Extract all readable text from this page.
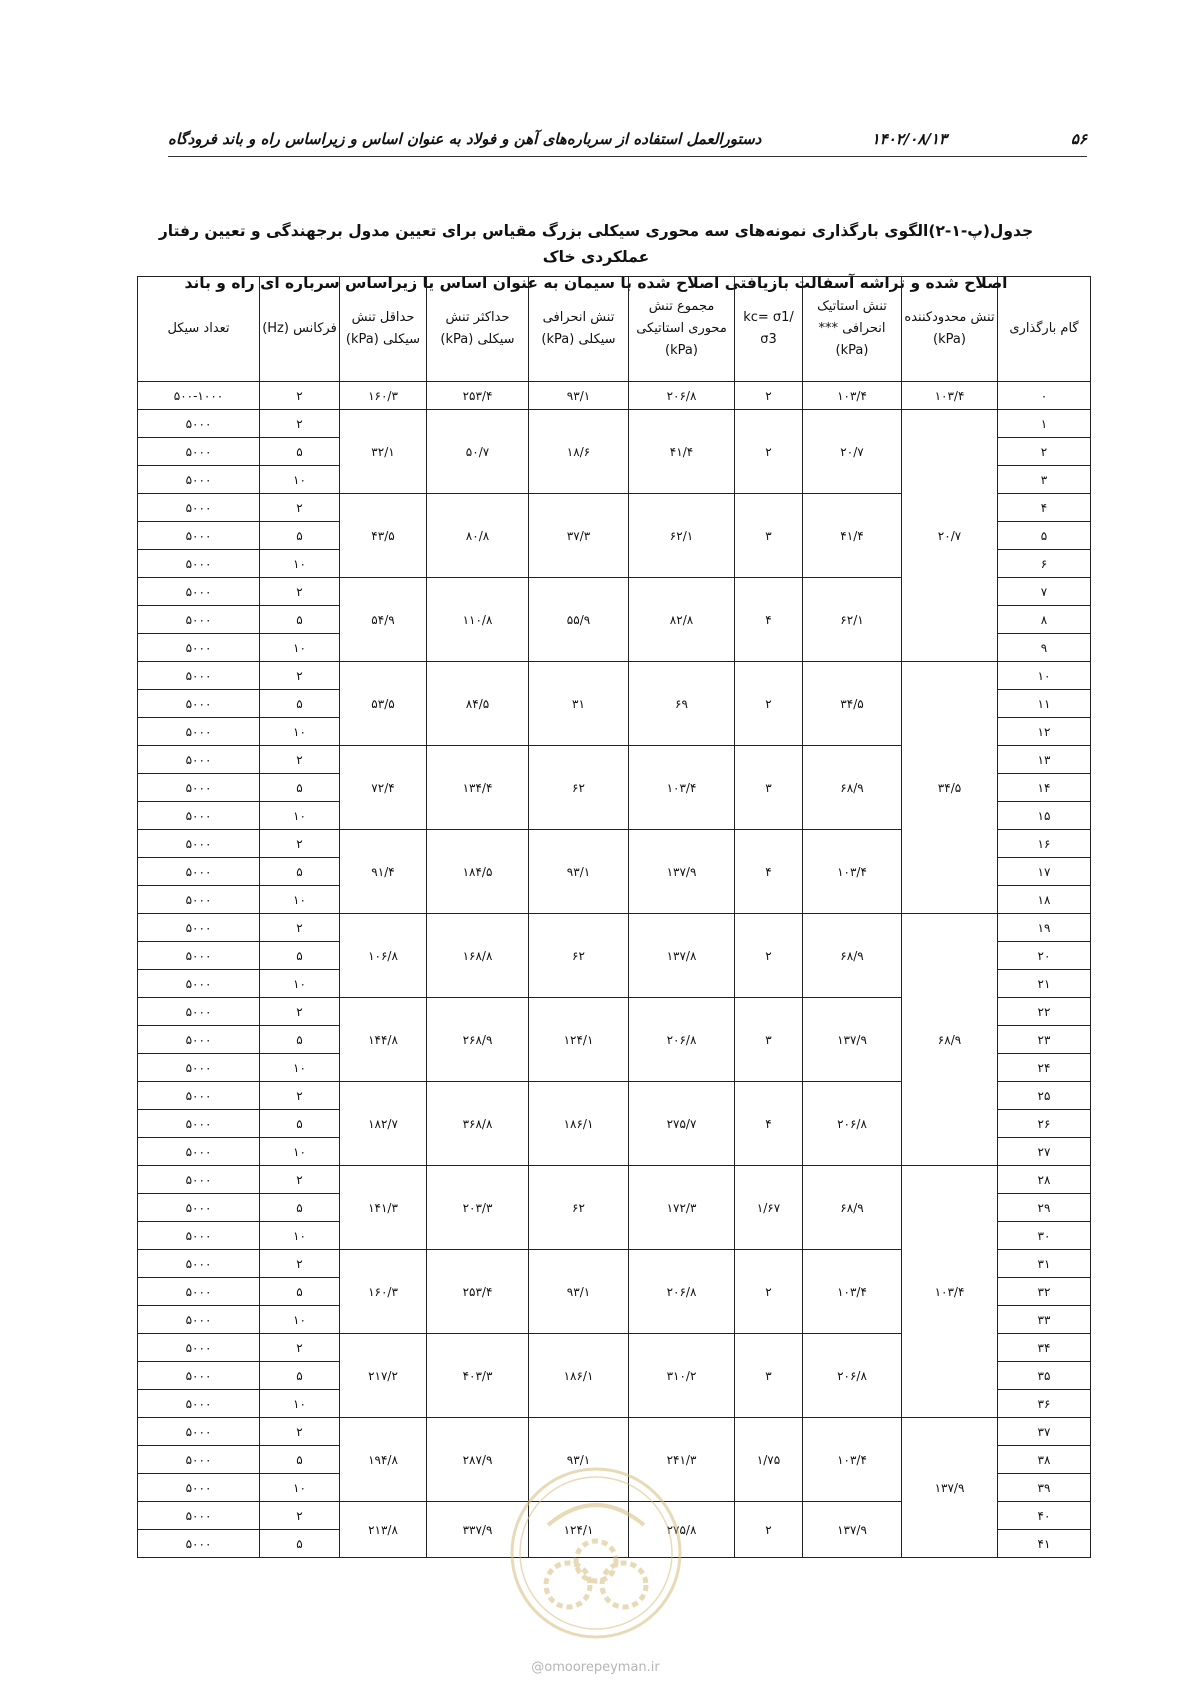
۵۶
۱۴۰۲/۰۸/۱۳
دستورالعمل استفاده از سرباره‌های آهن و فولاد به عنوان اساس و زیراساس راه و باند فرودگاه
جدول(پ-۱-۲)الگوی بارگذاری نمونه‌های سه محوری سیکلی بزرگ مقیاس برای تعیین مدول برجهندگی و تعیین رفتار عملکردی خاک
اصلاح شده و تراشه آسفالت بازیافتی اصلاح شده با سیمان به عنوان اساس یا زیراساس سرباره ای راه و باند
گام بارگذاری	تنش محدودکننده (kPa)	تنش استاتیک انحرافی ***(kPa)	kc= σ1/σ3	مجموع تنش محوری استاتیکی (kPa)	تنش انحرافی سیکلی (kPa)	حداکثر تنش سیکلی (kPa)	حداقل تنش سیکلی (kPa)	فرکانس (Hz)	تعداد سیکل
۰	۱۰۳/۴	۱۰۳/۴	۲	۲۰۶/۸	۹۳/۱	۲۵۳/۴	۱۶۰/۳	۲	۵۰۰-۱۰۰۰
۱	۲۰/۷	۲۰/۷	۲	۴۱/۴	۱۸/۶	۵۰/۷	۳۲/۱	۲	۵۰۰۰
۲								۵	۵۰۰۰
۳								۱۰	۵۰۰۰
۴		۴۱/۴	۳	۶۲/۱	۳۷/۳	۸۰/۸	۴۳/۵	۲	۵۰۰۰
۵								۵	۵۰۰۰
۶								۱۰	۵۰۰۰
۷		۶۲/۱	۴	۸۲/۸	۵۵/۹	۱۱۰/۸	۵۴/۹	۲	۵۰۰۰
۸								۵	۵۰۰۰
۹								۱۰	۵۰۰۰
۱۰	۳۴/۵	۳۴/۵	۲	۶۹	۳۱	۸۴/۵	۵۳/۵	۲	۵۰۰۰
۱۱								۵	۵۰۰۰
۱۲								۱۰	۵۰۰۰
۱۳		۶۸/۹	۳	۱۰۳/۴	۶۲	۱۳۴/۴	۷۲/۴	۲	۵۰۰۰
۱۴								۵	۵۰۰۰
۱۵								۱۰	۵۰۰۰
۱۶		۱۰۳/۴	۴	۱۳۷/۹	۹۳/۱	۱۸۴/۵	۹۱/۴	۲	۵۰۰۰
۱۷								۵	۵۰۰۰
۱۸								۱۰	۵۰۰۰
۱۹	۶۸/۹	۶۸/۹	۲	۱۳۷/۸	۶۲	۱۶۸/۸	۱۰۶/۸	۲	۵۰۰۰
۲۰								۵	۵۰۰۰
۲۱								۱۰	۵۰۰۰
۲۲		۱۳۷/۹	۳	۲۰۶/۸	۱۲۴/۱	۲۶۸/۹	۱۴۴/۸	۲	۵۰۰۰
۲۳								۵	۵۰۰۰
۲۴								۱۰	۵۰۰۰
۲۵		۲۰۶/۸	۴	۲۷۵/۷	۱۸۶/۱	۳۶۸/۸	۱۸۲/۷	۲	۵۰۰۰
۲۶								۵	۵۰۰۰
۲۷								۱۰	۵۰۰۰
۲۸	۱۰۳/۴	۶۸/۹	۱/۶۷	۱۷۲/۳	۶۲	۲۰۳/۳	۱۴۱/۳	۲	۵۰۰۰
۲۹								۵	۵۰۰۰
۳۰								۱۰	۵۰۰۰
۳۱		۱۰۳/۴	۲	۲۰۶/۸	۹۳/۱	۲۵۳/۴	۱۶۰/۳	۲	۵۰۰۰
۳۲								۵	۵۰۰۰
۳۳								۱۰	۵۰۰۰
۳۴		۲۰۶/۸	۳	۳۱۰/۲	۱۸۶/۱	۴۰۳/۳	۲۱۷/۲	۲	۵۰۰۰
۳۵								۵	۵۰۰۰
۳۶								۱۰	۵۰۰۰
۳۷	۱۳۷/۹	۱۰۳/۴	۱/۷۵	۲۴۱/۳	۹۳/۱	۲۸۷/۹	۱۹۴/۸	۲	۵۰۰۰
۳۸								۵	۵۰۰۰
۳۹								۱۰	۵۰۰۰
۴۰		۱۳۷/۹	۲	۲۷۵/۸	۱۲۴/۱	۳۳۷/۹	۲۱۳/۸	۲	۵۰۰۰
۴۱								۵	۵۰۰۰
@omoorepeyman.ir
